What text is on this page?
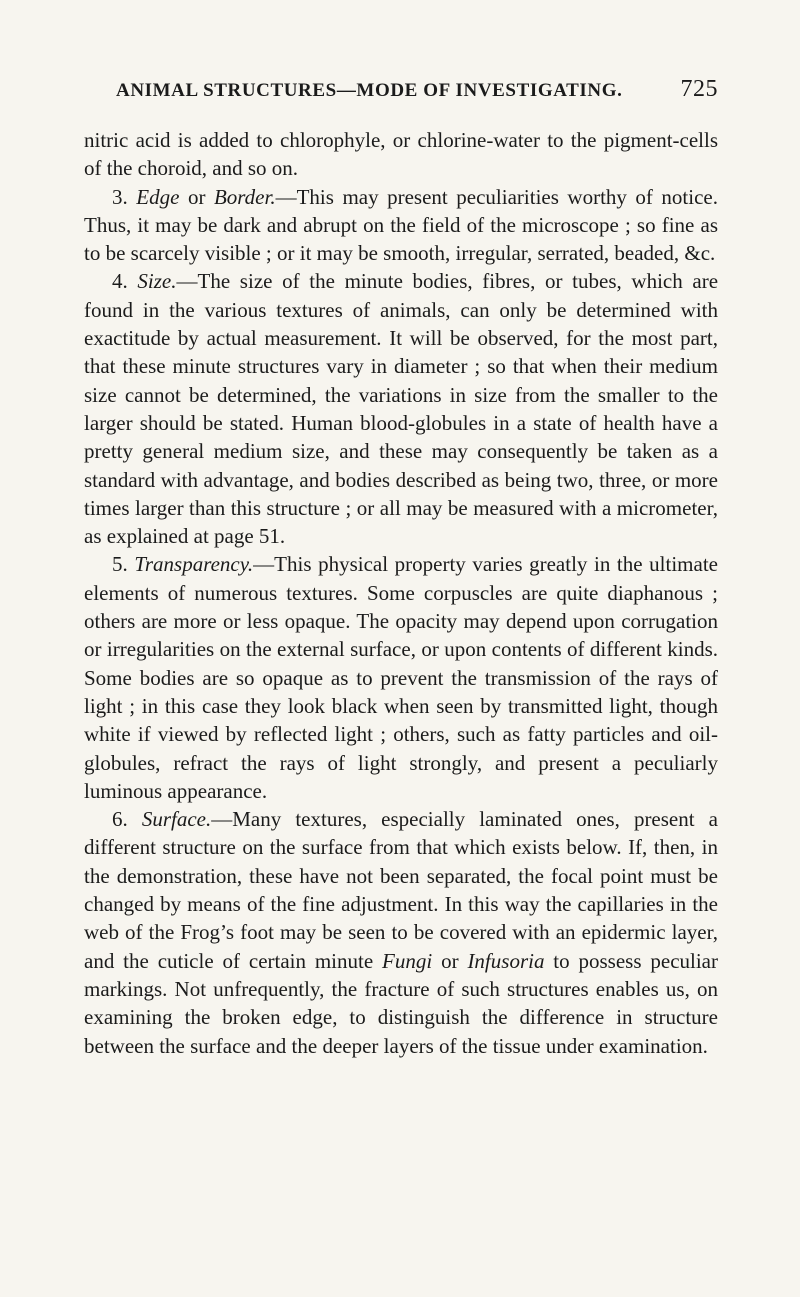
ANIMAL STRUCTURES—MODE OF INVESTIGATING. 725

nitric acid is added to chlorophyle, or chlorine-water to the pigment-cells of the choroid, and so on.

3. Edge or Border.—This may present peculiarities worthy of notice. Thus, it may be dark and abrupt on the field of the microscope ; so fine as to be scarcely visible ; or it may be smooth, irregular, serrated, beaded, &c.

4. Size.—The size of the minute bodies, fibres, or tubes, which are found in the various textures of animals, can only be determined with exactitude by actual measurement. It will be observed, for the most part, that these minute structures vary in diameter ; so that when their medium size cannot be determined, the variations in size from the smaller to the larger should be stated. Human blood-globules in a state of health have a pretty general medium size, and these may consequently be taken as a standard with advantage, and bodies described as being two, three, or more times larger than this structure ; or all may be measured with a micrometer, as explained at page 51.

5. Transparency.—This physical property varies greatly in the ultimate elements of numerous textures. Some corpuscles are quite diaphanous ; others are more or less opaque. The opacity may depend upon corrugation or irregularities on the external surface, or upon contents of different kinds. Some bodies are so opaque as to prevent the transmission of the rays of light ; in this case they look black when seen by transmitted light, though white if viewed by reflected light ; others, such as fatty particles and oil-globules, refract the rays of light strongly, and present a peculiarly luminous appearance.

6. Surface.—Many textures, especially laminated ones, present a different structure on the surface from that which exists below. If, then, in the demonstration, these have not been separated, the focal point must be changed by means of the fine adjustment. In this way the capillaries in the web of the Frog’s foot may be seen to be covered with an epidermic layer, and the cuticle of certain minute Fungi or Infusoria to possess peculiar markings. Not unfrequently, the fracture of such structures enables us, on examining the broken edge, to distinguish the difference in structure between the surface and the deeper layers of the tissue under examination.
